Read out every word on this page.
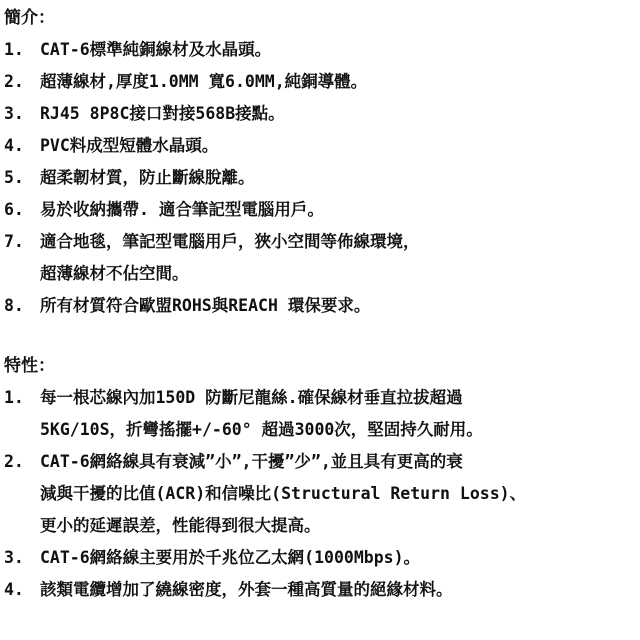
簡介：
1. CAT-6標準純銅線材及水晶頭。
2. 超薄線材,厚度1.0MM 寬6.0MM,純銅導體。
3. RJ45 8P8C接口對接568B接點。
4. PVC料成型短體水晶頭。
5. 超柔韌材質，防止斷線脫離。
6. 易於收納攜帶. 適合筆記型電腦用戶。
7. 適合地毯，筆記型電腦用戶，狹小空間等佈線環境，
超薄線材不佔空間。
8. 所有材質符合歐盟ROHS與REACH 環保要求。
特性：
1. 每一根芯線內加150D 防斷尼龍絲.確保線材垂直拉拔超過
5KG/10S，折彎搖擺+/-60° 超過3000次，堅固持久耐用。
2. CAT-6網絡線具有衰減”小”,干擾”少”,並且具有更高的衰
減與干擾的比值(ACR)和信噪比(Structural Return Loss)、
更小的延遲誤差，性能得到很大提高。
3. CAT-6網絡線主要用於千兆位乙太網(1000Mbps)。
4. 該類電纜增加了繞線密度，外套一種高質量的絕緣材料。
